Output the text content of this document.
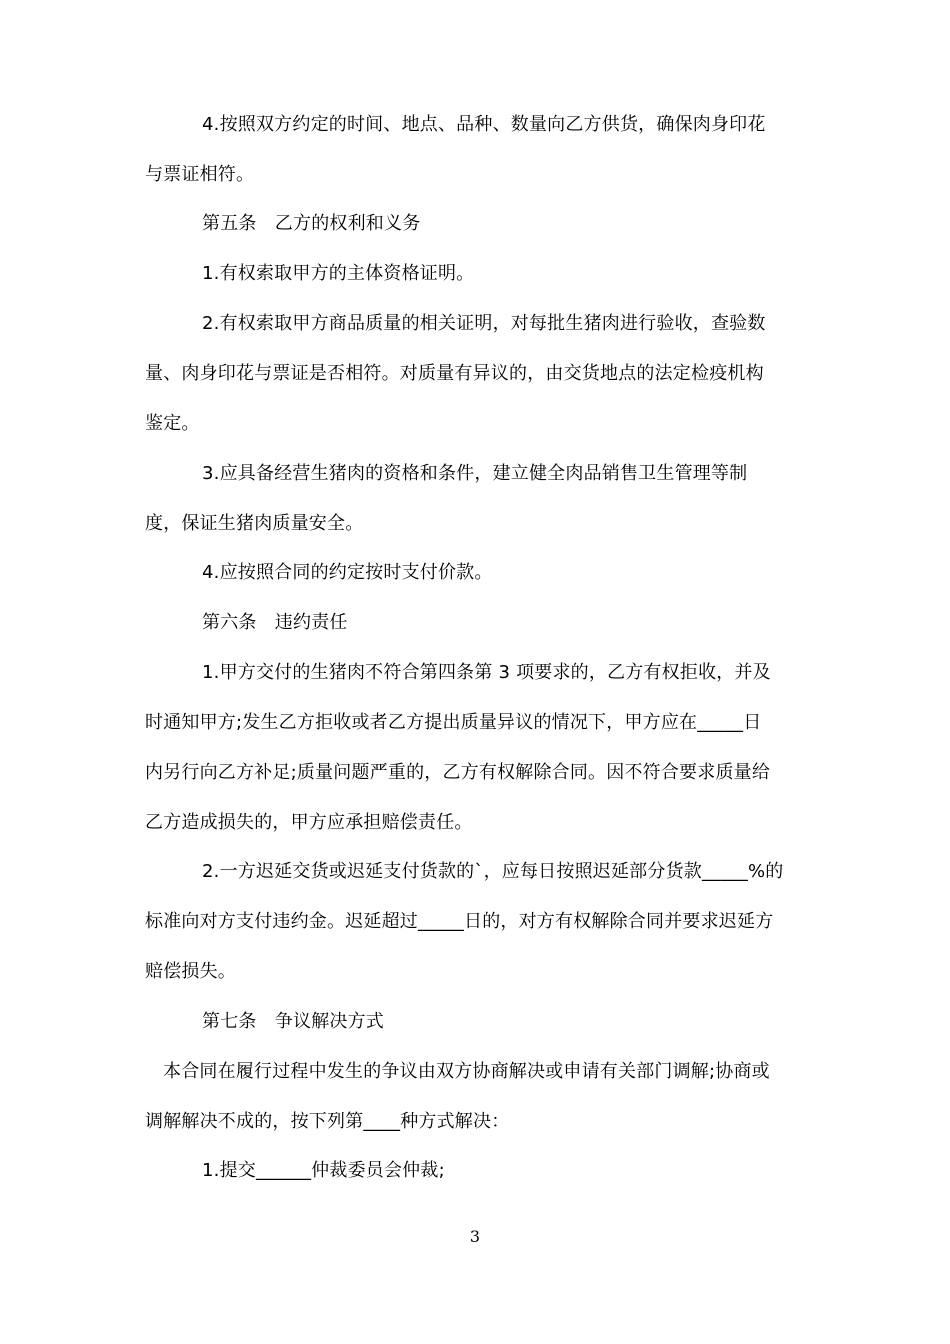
4.按照双方约定的时间、地点、品种、数量向乙方供货，确保肉身印花
与票证相符。
第五条　乙方的权利和义务
1.有权索取甲方的主体资格证明。
2.有权索取甲方商品质量的相关证明，对每批生猪肉进行验收，查验数
量、肉身印花与票证是否相符。对质量有异议的，由交货地点的法定检疫机构
鉴定。
3.应具备经营生猪肉的资格和条件，建立健全肉品销售卫生管理等制
度，保证生猪肉质量安全。
4.应按照合同的约定按时支付价款。
第六条　违约责任
1.甲方交付的生猪肉不符合第四条第 3 项要求的，乙方有权拒收，并及
时通知甲方;发生乙方拒收或者乙方提出质量异议的情况下，甲方应在_____日
内另行向乙方补足;质量问题严重的，乙方有权解除合同。因不符合要求质量给
乙方造成损失的，甲方应承担赔偿责任。
2.一方迟延交货或迟延支付货款的`，应每日按照迟延部分货款_____%的
标准向对方支付违约金。迟延超过_____日的，对方有权解除合同并要求迟延方
赔偿损失。
第七条　争议解决方式
本合同在履行过程中发生的争议由双方协商解决或申请有关部门调解;协商或
调解解决不成的，按下列第____种方式解决：
1.提交______仲裁委员会仲裁;
3
